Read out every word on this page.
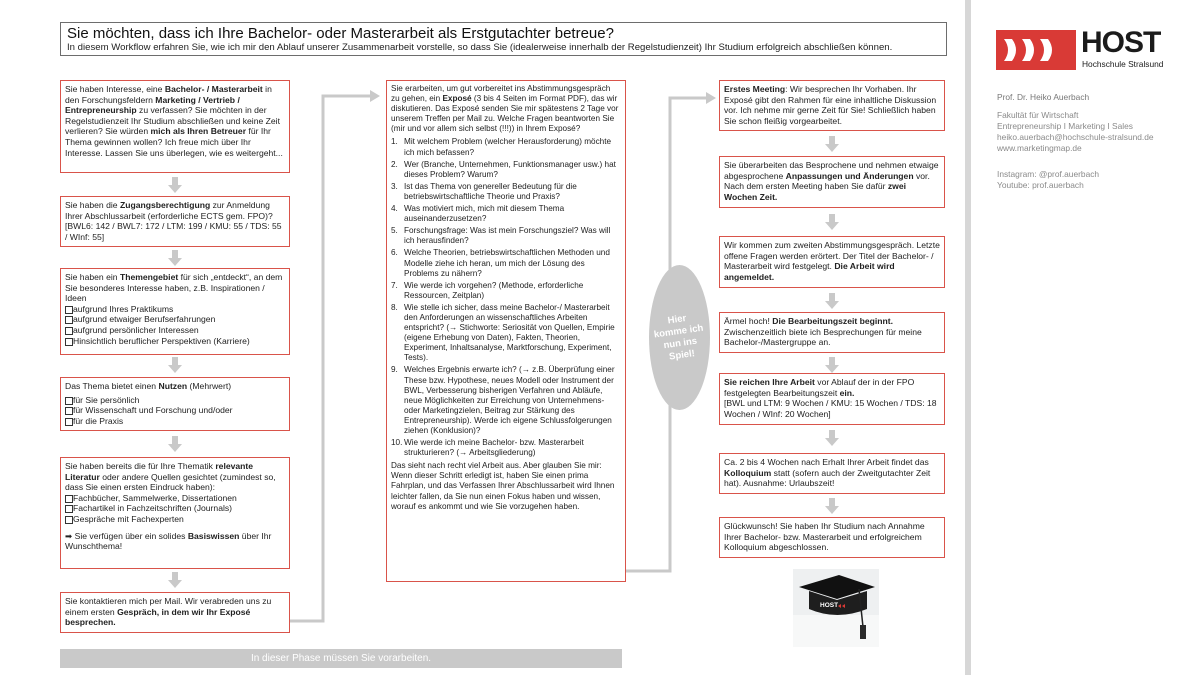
Sie möchten, dass ich Ihre Bachelor- oder Masterarbeit als Erstgutachter betreue?
In diesem Workflow erfahren Sie, wie ich mir den Ablauf unserer Zusammenarbeit vorstelle, so dass Sie (idealerweise innerhalb der Regelstudienzeit) Ihr Studium erfolgreich abschließen können.
Sie haben Interesse, eine Bachelor- / Masterarbeit in den Forschungsfeldern Marketing / Vertrieb / Entrepreneurship zu verfassen? Sie möchten in der Regelstudienzeit Ihr Studium abschließen und keine Zeit verlieren? Sie würden mich als Ihren Betreuer für Ihr Thema gewinnen wollen? Ich freue mich über Ihr Interesse. Lassen Sie uns überlegen, wie es weitergeht...
Sie haben die Zugangsberechtigung zur Anmeldung Ihrer Abschlussarbeit (erforderliche ECTS gem. FPO)?
[BWL6: 142 / BWL7: 172 / LTM: 199 / KMU: 55 / TDS: 55 / WInf: 55]
Sie haben ein Themengebiet für sich „entdeckt“, an dem Sie besonderes Interesse haben, z.B. Inspirationen / Ideen
aufgrund Ihres Praktikums
aufgrund etwaiger Berufserfahrungen
aufgrund persönlicher Interessen
Hinsichtlich beruflicher Perspektiven (Karriere)
Das Thema bietet einen Nutzen (Mehrwert)
für Sie persönlich
für Wissenschaft und Forschung und/oder
für die Praxis
Sie haben bereits die für Ihre Thematik relevante Literatur oder andere Quellen gesichtet (zumindest so, dass Sie einen ersten Eindruck haben):
Fachbücher, Sammelwerke, Dissertationen
Fachartikel in Fachzeitschriften (Journals)
Gespräche mit Fachexperten
➡ Sie verfügen über ein solides Basiswissen über Ihr Wunschthema!
Sie kontaktieren mich per Mail. Wir verabreden uns zu einem ersten Gespräch, in dem wir Ihr Exposé besprechen.
Sie erarbeiten, um gut vorbereitet ins Abstimmungsgespräch zu gehen, ein Exposé (3 bis 4 Seiten im Format PDF), das wir diskutieren. Das Exposé senden Sie mir spätestens 2 Tage vor unserem Treffen per Mail zu. Welche Fragen beantworten Sie (mir und vor allem sich selbst (!!!)) in Ihrem Exposé?
1. Mit welchem Problem (welcher Herausforderung) möchte ich mich befassen?
2. Wer (Branche, Unternehmen, Funktionsmanager usw.) hat dieses Problem? Warum?
3. Ist das Thema von genereller Bedeutung für die betriebswirtschaftliche Theorie und Praxis?
4. Was motiviert mich, mich mit diesem Thema auseinanderzusetzen?
5. Forschungsfrage: Was ist mein Forschungsziel? Was will ich herausfinden?
6. Welche Theorien, betriebswirtschaftlichen Methoden und Modelle ziehe ich heran, um mich der Lösung des Problems zu nähern?
7. Wie werde ich vorgehen? (Methode, erforderliche Ressourcen, Zeitplan)
8. Wie stelle ich sicher, dass meine Bachelor-/ Masterarbeit den Anforderungen an wissenschaftliches Arbeiten entspricht? (→ Stichworte: Seriosität von Quellen, Empirie (eigene Erhebung von Daten), Fakten, Theorien, Experiment, Inhaltsanalyse, Marktforschung, Experiment, Tests).
9. Welches Ergebnis erwarte ich? (→ z.B. Überprüfung einer These bzw. Hypothese, neues Modell oder Instrument der BWL, Verbesserung bisherigen Verfahren und Abläufe, neue Möglichkeiten zur Erreichung von Unternehmens- oder Marketingzielen, Beitrag zur Stärkung des Entrepreneurship). Werde ich eigene Schlussfolgerungen ziehen (Konklusion)?
10. Wie werde ich meine Bachelor- bzw. Masterarbeit strukturieren? (→ Arbeitsgliederung)
Das sieht nach recht viel Arbeit aus. Aber glauben Sie mir: Wenn dieser Schritt erledigt ist, haben Sie einen prima Fahrplan, und das Verfassen Ihrer Abschlussarbeit wird Ihnen leichter fallen, da Sie nun einen Fokus haben und wissen, worauf es ankommt und wie Sie vorzugehen haben.
Hier komme ich nun ins Spiel!
Erstes Meeting: Wir besprechen Ihr Vorhaben. Ihr Exposé gibt den Rahmen für eine inhaltliche Diskussion vor. Ich nehme mir gerne Zeit für Sie! Schließlich haben Sie schon fleißig vorgearbeitet.
Sie überarbeiten das Besprochene und nehmen etwaige abgesprochene Anpassungen und Änderungen vor. Nach dem ersten Meeting haben Sie dafür zwei Wochen Zeit.
Wir kommen zum zweiten Abstimmungsgespräch. Letzte offene Fragen werden erörtert. Der Titel der Bachelor- / Masterarbeit wird festgelegt. Die Arbeit wird angemeldet.
Ärmel hoch! Die Bearbeitungszeit beginnt. Zwischenzeitlich biete ich Besprechungen für meine Bachelor-/Mastergruppe an.
Sie reichen Ihre Arbeit vor Ablauf der in der FPO festgelegten Bearbeitungszeit ein.
[BWL und LTM: 9 Wochen / KMU: 15 Wochen / TDS: 18 Wochen / WInf: 20 Wochen]
Ca. 2 bis 4 Wochen nach Erhalt Ihrer Arbeit findet das Kolloquium statt (sofern auch der Zweitgutachter Zeit hat). Ausnahme: Urlaubszeit!
Glückwunsch! Sie haben Ihr Studium nach Annahme Ihrer Bachelor- bzw. Masterarbeit und erfolgreichem Kolloquium abgeschlossen.
HOST
In dieser Phase müssen Sie vorarbeiten.
HOST
Hochschule Stralsund
Prof. Dr. Heiko Auerbach
Fakultät für Wirtschaft
Entrepreneurship I Marketing I Sales
heiko.auerbach@hochschule-stralsund.de
www.marketingmap.de
Instagram: @prof.auerbach
Youtube: prof.auerbach
